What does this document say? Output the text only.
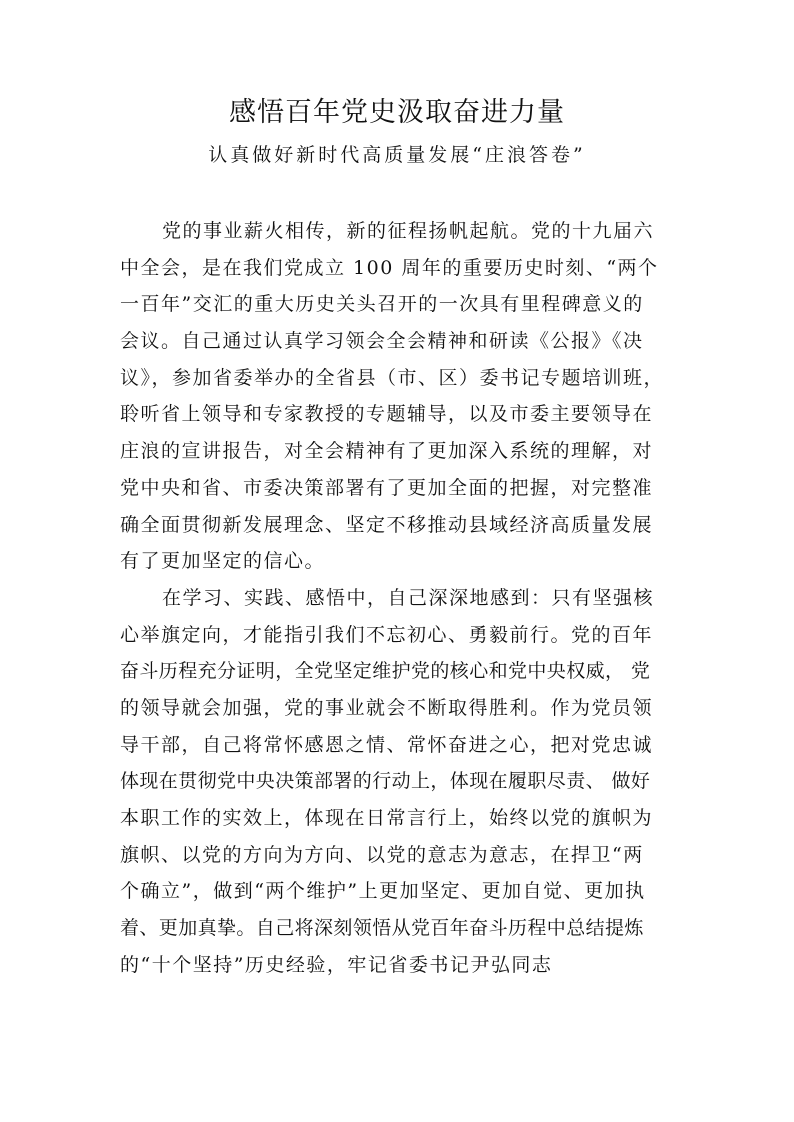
感悟百年党史汲取奋进力量
认真做好新时代高质量发展“庄浪答卷”
党的事业薪火相传，新的征程扬帆起航。党的十九届六
中全会，是在我们党成立 100 周年的重要历史时刻、“两个
一百年”交汇的重大历史关头召开的一次具有里程碑意义的
会议。自己通过认真学习领会全会精神和研读《公报》《决
议》，参加省委举办的全省县（市、区）委书记专题培训班，
聆听省上领导和专家教授的专题辅导，以及市委主要领导在
庄浪的宣讲报告，对全会精神有了更加深入系统的理解，对
党中央和省、市委决策部署有了更加全面的把握，对完整准
确全面贯彻新发展理念、坚定不移推动县域经济高质量发展
有了更加坚定的信心。
在学习、实践、感悟中，自己深深地感到：只有坚强核
心举旗定向，才能指引我们不忘初心、勇毅前行。党的百年
奋斗历程充分证明，全党坚定维护党的核心和党中央权威， 党
的领导就会加强，党的事业就会不断取得胜利。作为党员领
导干部，自己将常怀感恩之情、常怀奋进之心，把对党忠诚
体现在贯彻党中央决策部署的行动上，体现在履职尽责、 做好
本职工作的实效上，体现在日常言行上，始终以党的旗帜为
旗帜、以党的方向为方向、以党的意志为意志，在捍卫“两
个确立”，做到“两个维护”上更加坚定、更加自觉、更加执
着、更加真挚。自己将深刻领悟从党百年奋斗历程中总结提炼
的“十个坚持”历史经验，牢记省委书记尹弘同志
